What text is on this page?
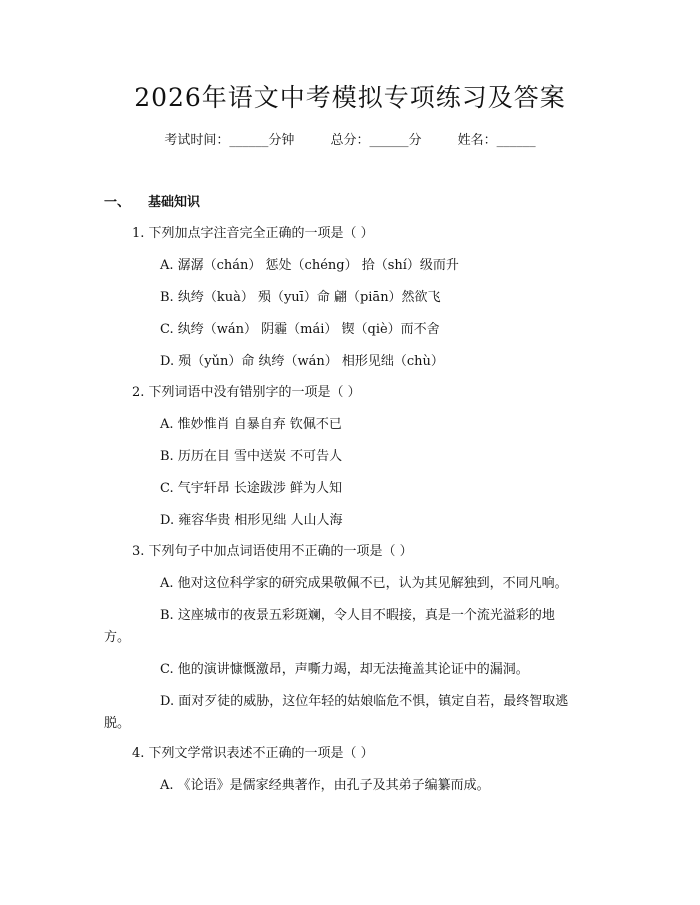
2026年语文中考模拟专项练习及答案
考试时间：______分钟	总分：______分	姓名：______
一、 基础知识
1. 下列加点字注音完全正确的一项是（ ）
A. 潺潺（chán） 惩处（chéng） 拾（shí）级而升
B. 纨绔（kuà） 殒（yuī）命 翩（piān）然欲飞
C. 纨绔（wán） 阴霾（mái） 锲（qiè）而不舍
D. 殒（yǔn）命 纨绔（wán） 相形见绌（chù）
2. 下列词语中没有错别字的一项是（ ）
A. 惟妙惟肖 自暴自弃 钦佩不已
B. 历历在目 雪中送炭 不可告人
C. 气宇轩昂 长途跋涉 鲜为人知
D. 雍容华贵 相形见绌 人山人海
3. 下列句子中加点词语使用不正确的一项是（ ）
A. 他对这位科学家的研究成果敬佩不已，认为其见解独到，不同凡响。
B. 这座城市的夜景五彩斑斓，令人目不暇接，真是一个流光溢彩的地
方。
C. 他的演讲慷慨激昂，声嘶力竭，却无法掩盖其论证中的漏洞。
D. 面对歹徒的威胁，这位年轻的姑娘临危不惧，镇定自若，最终智取逃
脱。
4. 下列文学常识表述不正确的一项是（ ）
A. 《论语》是儒家经典著作，由孔子及其弟子编纂而成。
